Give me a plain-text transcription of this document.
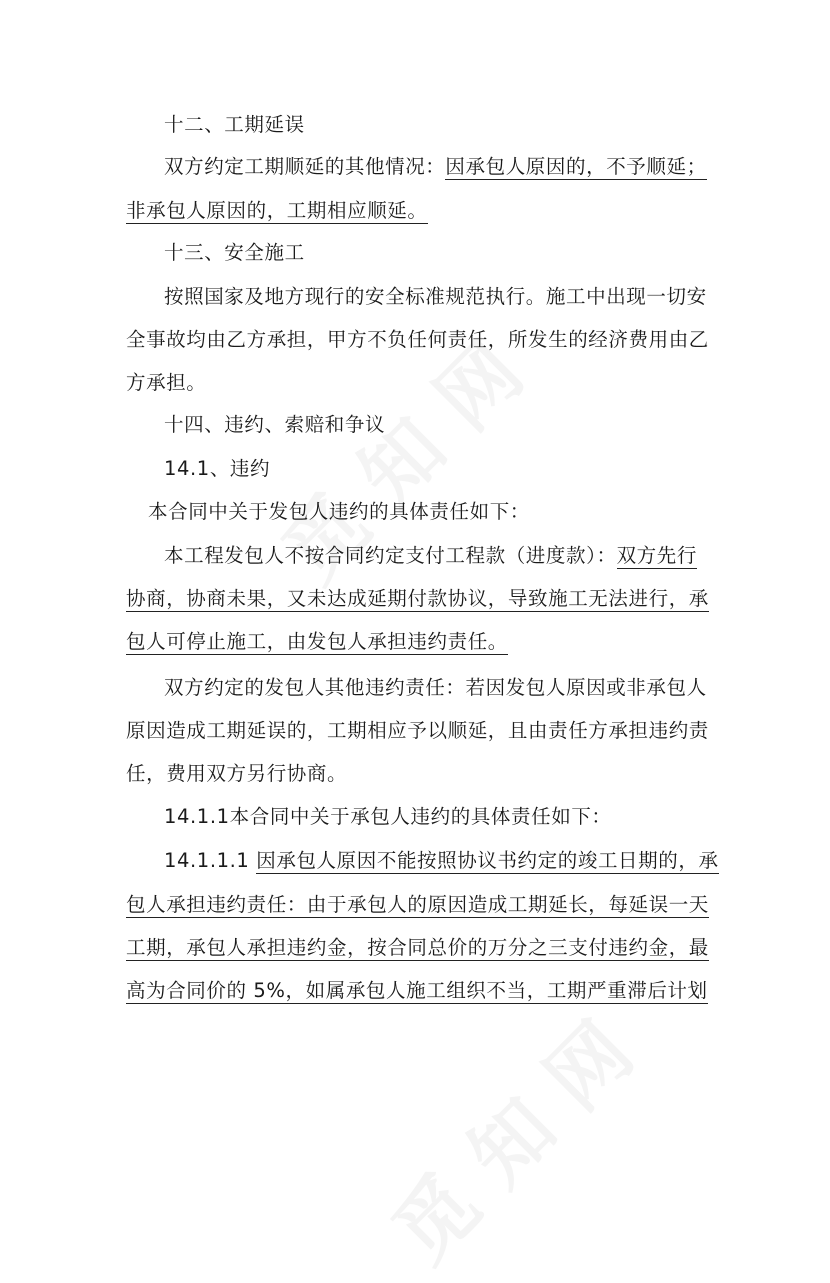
十二、工期延误
双方约定工期顺延的其他情况：因承包人原因的，不予顺延；
非承包人原因的，工期相应顺延。
十三、安全施工
按照国家及地方现行的安全标准规范执行。施工中出现一切安
全事故均由乙方承担，甲方不负任何责任，所发生的经济费用由乙
方承担。
十四、违约、索赔和争议
14.1、违约
本合同中关于发包人违约的具体责任如下：
本工程发包人不按合同约定支付工程款（进度款）：双方先行
协商，协商未果，又未达成延期付款协议，导致施工无法进行，承
包人可停止施工，由发包人承担违约责任。
双方约定的发包人其他违约责任：若因发包人原因或非承包人
原因造成工期延误的，工期相应予以顺延，且由责任方承担违约责
任，费用双方另行协商。
14.1.1本合同中关于承包人违约的具体责任如下：
14.1.1.1 因承包人原因不能按照协议书约定的竣工日期的，承
包人承担违约责任：由于承包人的原因造成工期延长，每延误一天
工期，承包人承担违约金，按合同总价的万分之三支付违约金，最
高为合同价的 5%，如属承包人施工组织不当，工期严重滞后计划
